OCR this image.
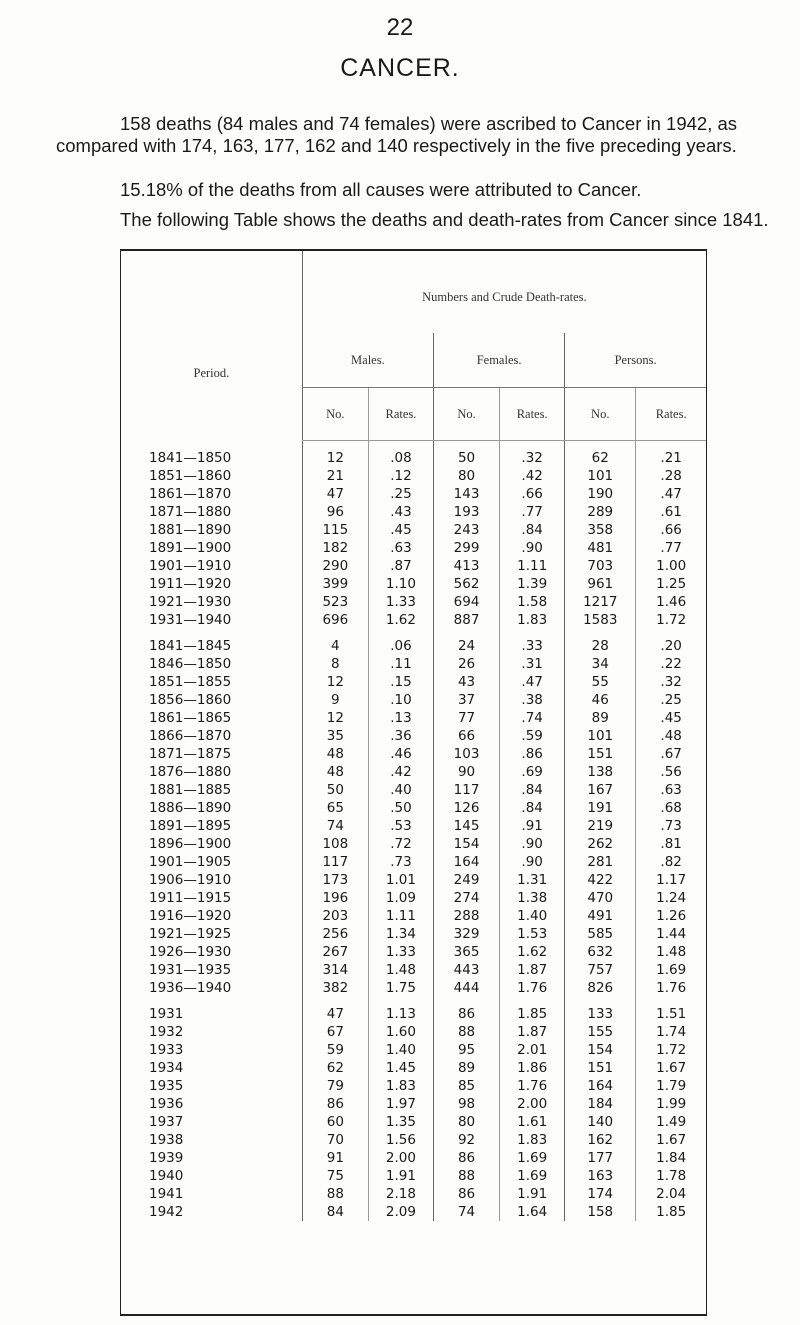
22
CANCER.

158 deaths (84 males and 74 females) were ascribed to Cancer in 1942, as compared with 174, 163, 177, 162 and 140 respectively in the five preceding years.

15.18% of the deaths from all causes were attributed to Cancer.

The following Table shows the deaths and death-rates from Cancer since 1841.

Period.	Numbers and Crude Death-rates.					
	Males.		Females.		Persons.	
	No.	Rates.	No.	Rates.	No.	Rates.

1841—1850	12	.08	50	.32	62	.21
1851—1860	21	.12	80	.42	101	.28
1861—1870	47	.25	143	.66	190	.47
1871—1880	96	.43	193	.77	289	.61
1881—1890	115	.45	243	.84	358	.66
1891—1900	182	.63	299	.90	481	.77
1901—1910	290	.87	413	1.11	703	1.00
1911—1920	399	1.10	562	1.39	961	1.25
1921—1930	523	1.33	694	1.58	1217	1.46
1931—1940	696	1.62	887	1.83	1583	1.72

1841—1845	4	.06	24	.33	28	.20
1846—1850	8	.11	26	.31	34	.22
1851—1855	12	.15	43	.47	55	.32
1856—1860	9	.10	37	.38	46	.25
1861—1865	12	.13	77	.74	89	.45
1866—1870	35	.36	66	.59	101	.48
1871—1875	48	.46	103	.86	151	.67
1876—1880	48	.42	90	.69	138	.56
1881—1885	50	.40	117	.84	167	.63
1886—1890	65	.50	126	.84	191	.68
1891—1895	74	.53	145	.91	219	.73
1896—1900	108	.72	154	.90	262	.81
1901—1905	117	.73	164	.90	281	.82
1906—1910	173	1.01	249	1.31	422	1.17
1911—1915	196	1.09	274	1.38	470	1.24
1916—1920	203	1.11	288	1.40	491	1.26
1921—1925	256	1.34	329	1.53	585	1.44
1926—1930	267	1.33	365	1.62	632	1.48
1931—1935	314	1.48	443	1.87	757	1.69
1936—1940	382	1.75	444	1.76	826	1.76

1931	47	1.13	86	1.85	133	1.51
1932	67	1.60	88	1.87	155	1.74
1933	59	1.40	95	2.01	154	1.72
1934	62	1.45	89	1.86	151	1.67
1935	79	1.83	85	1.76	164	1.79
1936	86	1.97	98	2.00	184	1.99
1937	60	1.35	80	1.61	140	1.49
1938	70	1.56	92	1.83	162	1.67
1939	91	2.00	86	1.69	177	1.84
1940	75	1.91	88	1.69	163	1.78
1941	88	2.18	86	1.91	174	2.04
1942	84	2.09	74	1.64	158	1.85
